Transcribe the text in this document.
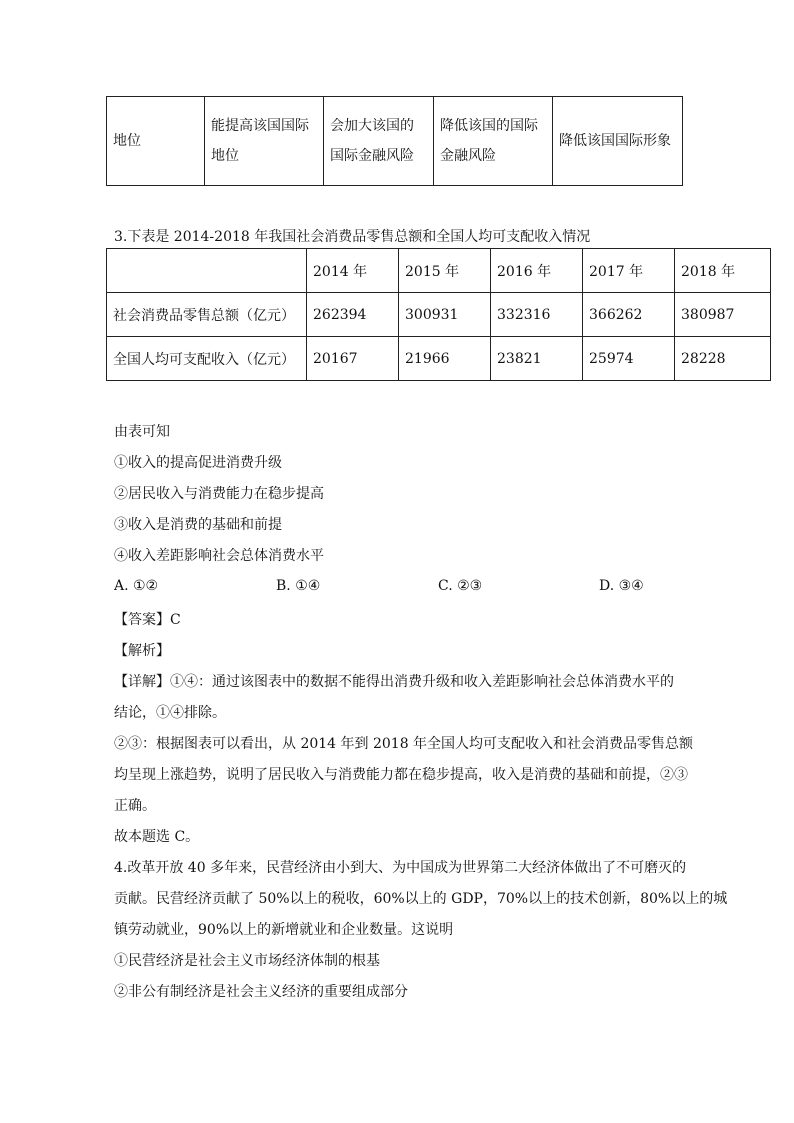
地位	能提高该国国际地位	会加大该国的国际金融风险	降低该国的国际金融风险	降低该国国际形象
3.下表是 2014-2018 年我国社会消费品零售总额和全国人均可支配收入情况
	2014 年	2015 年	2016 年	2017 年	2018 年
社会消费品零售总额（亿元）	262394	300931	332316	366262	380987
全国人均可支配收入（亿元）	20167	21966	23821	25974	28228
由表可知
①收入的提高促进消费升级
②居民收入与消费能力在稳步提高
③收入是消费的基础和前提
④收入差距影响社会总体消费水平
A. ①②	B. ①④	C. ②③	D. ③④
【答案】C
【解析】
【详解】①④：通过该图表中的数据不能得出消费升级和收入差距影响社会总体消费水平的
结论，①④排除。
②③：根据图表可以看出，从 2014 年到 2018 年全国人均可支配收入和社会消费品零售总额
均呈现上涨趋势，说明了居民收入与消费能力都在稳步提高，收入是消费的基础和前提，②③
正确。
故本题选 C。
4.改革开放 40 多年来，民营经济由小到大、为中国成为世界第二大经济体做出了不可磨灭的
贡献。民营经济贡献了 50%以上的税收，60%以上的 GDP，70%以上的技术创新，80%以上的城
镇劳动就业，90%以上的新增就业和企业数量。这说明
①民营经济是社会主义市场经济体制的根基
②非公有制经济是社会主义经济的重要组成部分
